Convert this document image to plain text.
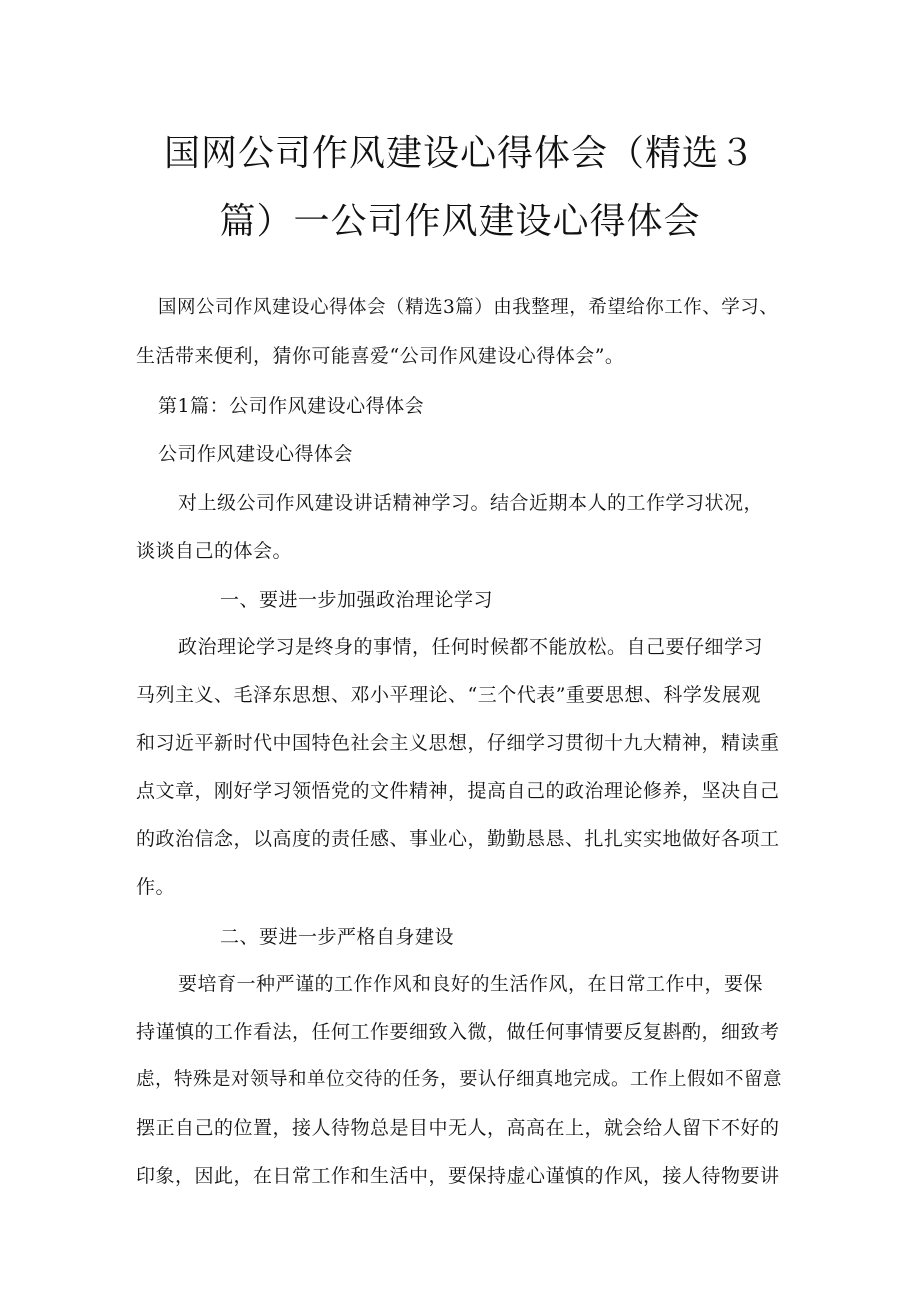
国网公司作风建设心得体会（精选３
篇）一公司作风建设心得体会
国网公司作风建设心得体会（精选3篇）由我整理，希望给你工作、学习、
生活带来便利，猜你可能喜爱“公司作风建设心得体会”。
第1篇：公司作风建设心得体会
公司作风建设心得体会
对上级公司作风建设讲话精神学习。结合近期本人的工作学习状况，
谈谈自己的体会。
一、要进一步加强政治理论学习
政治理论学习是终身的事情，任何时候都不能放松。自己要仔细学习
马列主义、毛泽东思想、邓小平理论、“三个代表”重要思想、科学发展观
和习近平新时代中国特色社会主义思想，仔细学习贯彻十九大精神，精读重
点文章，刚好学习领悟党的文件精神，提高自己的政治理论修养，坚决自己
的政治信念，以高度的责任感、事业心，勤勤恳恳、扎扎实实地做好各项工
作。
二、要进一步严格自身建设
要培育一种严谨的工作作风和良好的生活作风，在日常工作中，要保
持谨慎的工作看法，任何工作要细致入微，做任何事情要反复斟酌，细致考
虑，特殊是对领导和单位交待的任务，要认仔细真地完成。工作上假如不留意
摆正自己的位置，接人待物总是目中无人，高高在上，就会给人留下不好的
印象，因此，在日常工作和生活中，要保持虚心谨慎的作风，接人待物要讲
